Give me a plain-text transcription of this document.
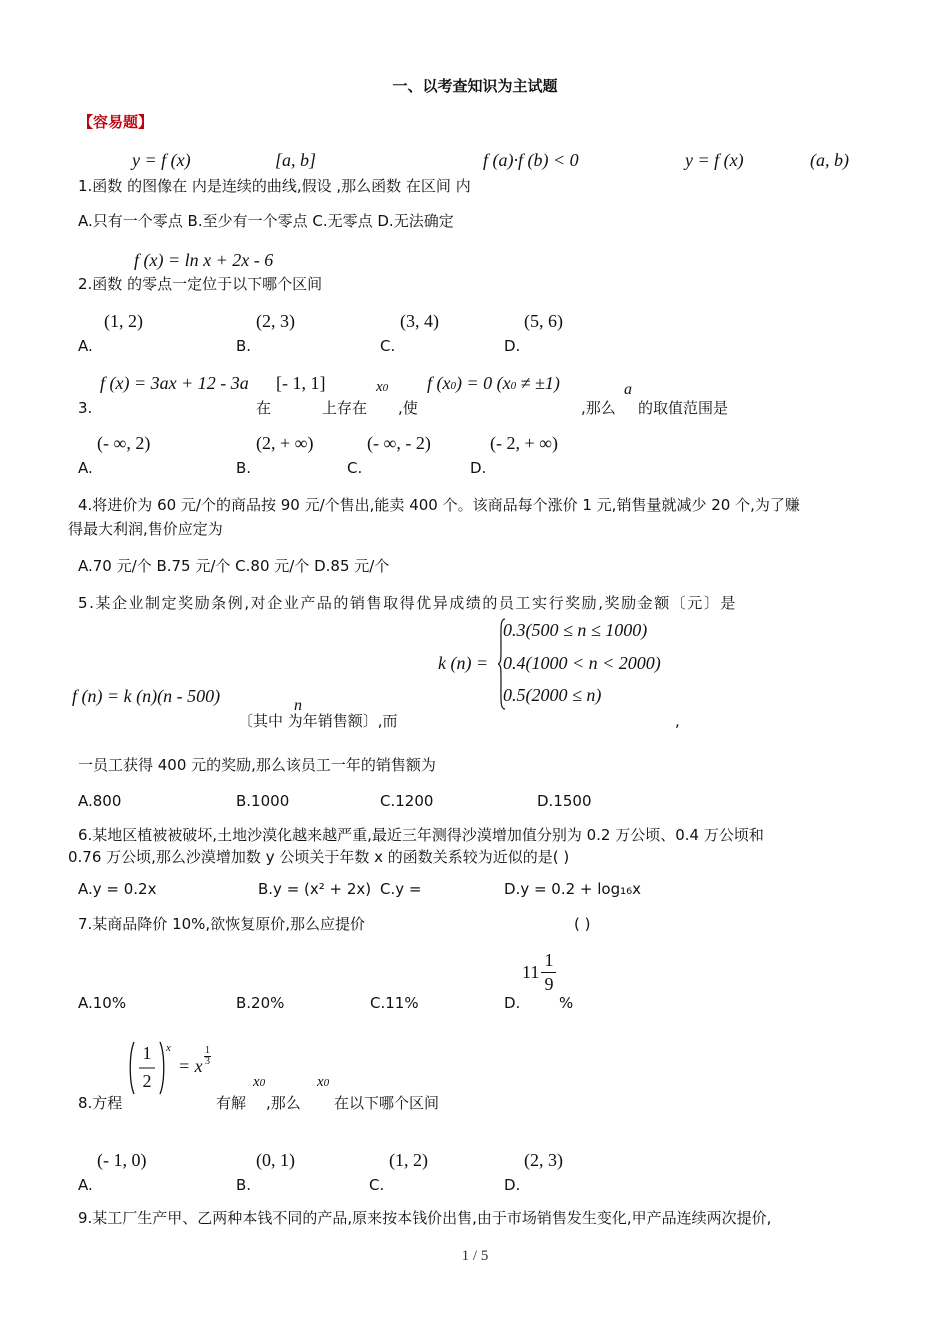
一、以考查知识为主试题
【容易题】
y = f (x)	[a, b]	f (a)·f (b) < 0	y = f (x)	(a, b)
1.函数 的图像在 内是连续的曲线,假设 ,那么函数 在区间 内
A.只有一个零点 B.至少有一个零点 C.无零点 D.无法确定
f (x) = ln x + 2x - 6
2.函数 的零点一定位于以下哪个区间
(1, 2)	(2, 3)	(3, 4)	(5, 6)
A.	B.	C.	D.
f (x) = 3ax + 12 - 3a [- 1, 1]	x0 f (x0) = 0 (x0 ≠ ±1)	a
3.	在	上存在 ,使	,那么 的取值范围是
(- ∞, 2)	(2, + ∞)	(- ∞, - 2)	(- 2, + ∞)
A.	B.	C.	D.
4.将进价为 60 元/个的商品按 90 元/个售出,能卖 400 个。该商品每个涨价 1 元,销售量就减少 20 个,为了赚
得最大利润,售价应定为
A.70 元/个 B.75 元/个 C.80 元/个 D.85 元/个
5.某企业制定奖励条例,对企业产品的销售取得优异成绩的员工实行奖励,奖励金额〔元〕是
0.3(500 ≤ n ≤ 1000)
0.4(1000 < n < 2000)
0.5(2000 ≤ n)
k (n) =
f (n) = k (n)(n - 500)	n
〔其中 为年销售额〕,而	,
一员工获得 400 元的奖励,那么该员工一年的销售额为
A.800	B.1000	C.1200	D.1500
6.某地区植被被破坏,土地沙漠化越来越严重,最近三年测得沙漠增加值分别为 0.2 万公顷、0.4 万公顷和
0.76 万公顷,那么沙漠增加数 y 公顷关于年数 x 的函数关系较为近似的是( )
A.y = 0.2x	B.y = (x² + 2x) C.y =	D.y = 0.2 + log₁₆x
7.某商品降价 10%,欲恢复原价,那么应提价	( )
11
1
9
A.10%	B.20%	C.11%	D.	%
1
2
x
= x
1
3
x0	x0
8.方程	有解 ,那么 在以下哪个区间
(- 1, 0)	(0, 1)	(1, 2)	(2, 3)
A.	B.	C.	D.
9.某工厂生产甲、乙两种本钱不同的产品,原来按本钱价出售,由于市场销售发生变化,甲产品连续两次提价,
1 / 5
